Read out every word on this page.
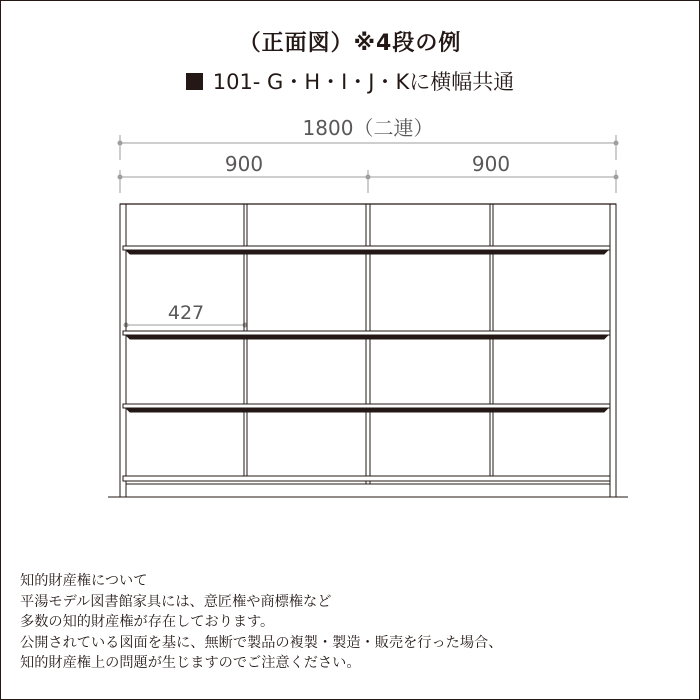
（正面図）※4段の例
101- G・H・I・J・Kに横幅共通
1800（二連）
900	900
427
知的財産権について
平湯モデル図書館家具には、意匠権や商標権など
多数の知的財産権が存在しております。
公開されている図面を基に、無断で製品の複製・製造・販売を行った場合、
知的財産権上の問題が生じますのでご注意ください。
